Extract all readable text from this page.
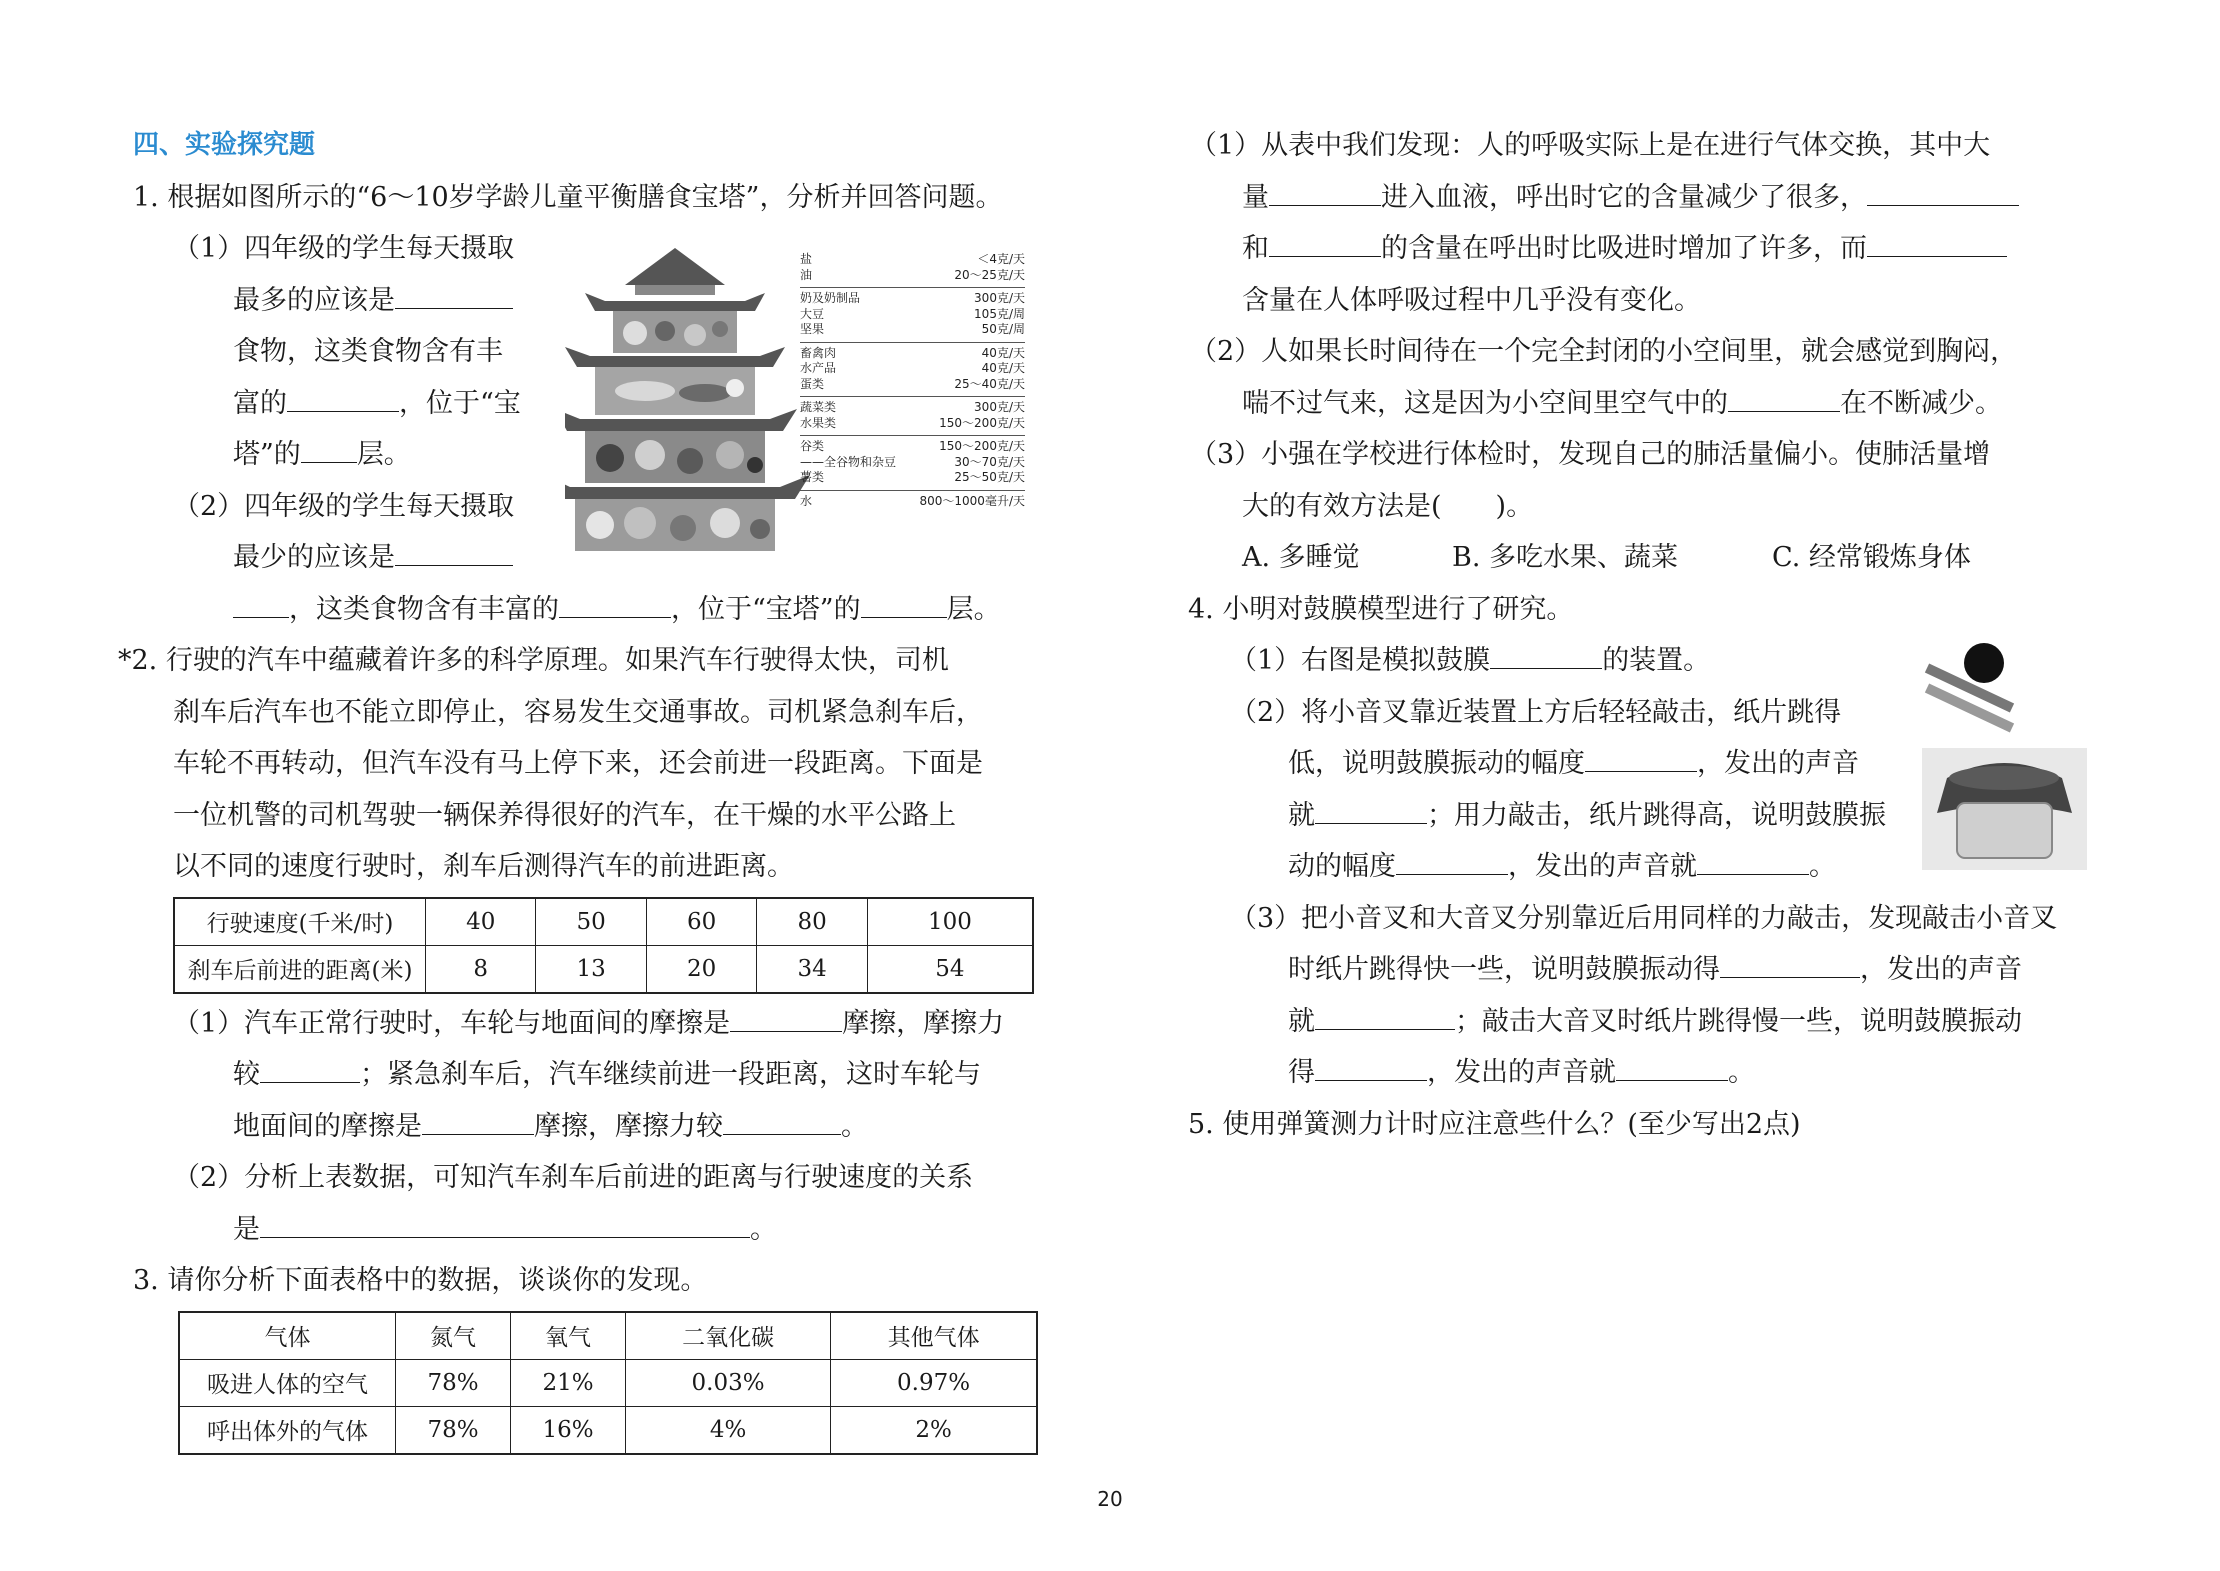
四、实验探究题
1. 根据如图所示的“6～10岁学龄儿童平衡膳食宝塔”，分析并回答问题。
（1）四年级的学生每天摄取
最多的应该是
食物，这类食物含有丰
富的	，位于“宝
塔”的 层。
（2）四年级的学生每天摄取
最少的应该是
，这类食物含有丰富的	，位于“宝塔”的	层。
*2. 行驶的汽车中蕴藏着许多的科学原理。如果汽车行驶得太快，司机
刹车后汽车也不能立即停止，容易发生交通事故。司机紧急刹车后，
车轮不再转动，但汽车没有马上停下来，还会前进一段距离。下面是
一位机警的司机驾驶一辆保养得很好的汽车，在干燥的水平公路上
以不同的速度行驶时，刹车后测得汽车的前进距离。
行驶速度(千米/时)	40	50	60	80	100
刹车后前进的距离(米)	8	13	20	34	54
（1）汽车正常行驶时，车轮与地面间的摩擦是	摩擦，摩擦力
较	；紧急刹车后，汽车继续前进一段距离，这时车轮与
地面间的摩擦是	摩擦，摩擦力较	。
（2）分析上表数据，可知汽车刹车后前进的距离与行驶速度的关系
是	。
3. 请你分析下面表格中的数据，谈谈你的发现。
气体	氮气	氧气	二氧化碳	其他气体
吸进人体的空气	78%	21%	0.03%	0.97%
呼出体外的气体	78%	16%	4%	2%
盐	＜4克/天
油	20～25克/天
奶及奶制品	300克/天
大豆	105克/周
坚果	50克/周
畜禽肉	40克/天
水产品	40克/天
蛋类	25～40克/天
蔬菜类	300克/天
水果类	150～200克/天
谷类	150～200克/天
——全谷物和杂豆	30～70克/天
薯类	25～50克/天
水	800～1000毫升/天
（1）从表中我们发现：人的呼吸实际上是在进行气体交换，其中大
量	进入血液，呼出时它的含量减少了很多，
和	的含量在呼出时比吸进时增加了许多，而
含量在人体呼吸过程中几乎没有变化。
（2）人如果长时间待在一个完全封闭的小空间里，就会感觉到胸闷，
喘不过气来，这是因为小空间里空气中的	在不断减少。
（3）小强在学校进行体检时，发现自己的肺活量偏小。使肺活量增
大的有效方法是(　　)。
A. 多睡觉	B. 多吃水果、蔬菜	C. 经常锻炼身体
4. 小明对鼓膜模型进行了研究。
（1）右图是模拟鼓膜	的装置。
（2）将小音叉靠近装置上方后轻轻敲击，纸片跳得
低，说明鼓膜振动的幅度	，发出的声音
就	；用力敲击，纸片跳得高，说明鼓膜振
动的幅度	，发出的声音就	。
（3）把小音叉和大音叉分别靠近后用同样的力敲击，发现敲击小音叉
时纸片跳得快一些，说明鼓膜振动得	，发出的声音
就	；敲击大音叉时纸片跳得慢一些，说明鼓膜振动
得	，发出的声音就	。
5. 使用弹簧测力计时应注意些什么？(至少写出2点)
20
